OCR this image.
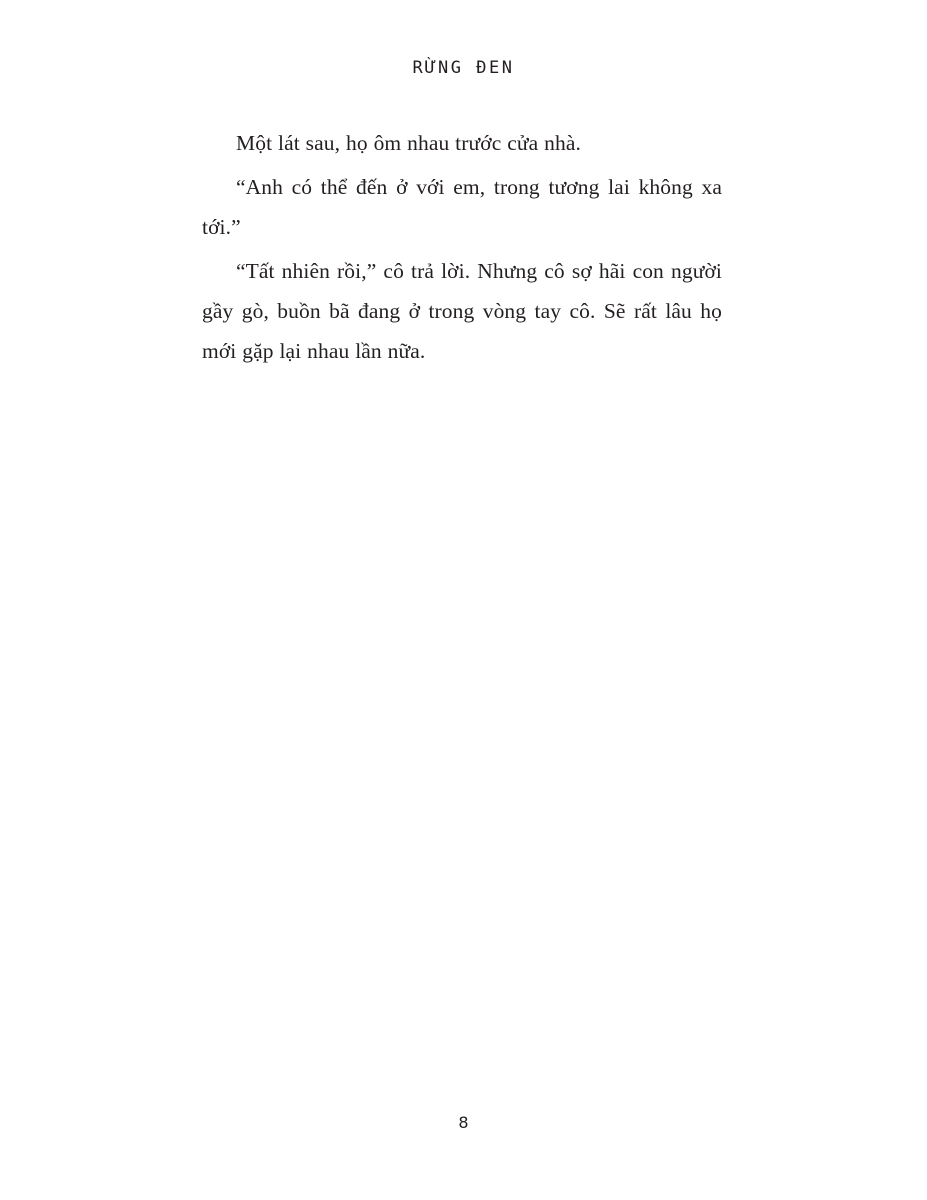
RỪNG ĐEN

Một lát sau, họ ôm nhau trước cửa nhà.

“Anh có thể đến ở với em, trong tương lai không xa tới.”

“Tất nhiên rồi,” cô trả lời. Nhưng cô sợ hãi con người gầy gò, buồn bã đang ở trong vòng tay cô. Sẽ rất lâu họ mới gặp lại nhau lần nữa.

8
